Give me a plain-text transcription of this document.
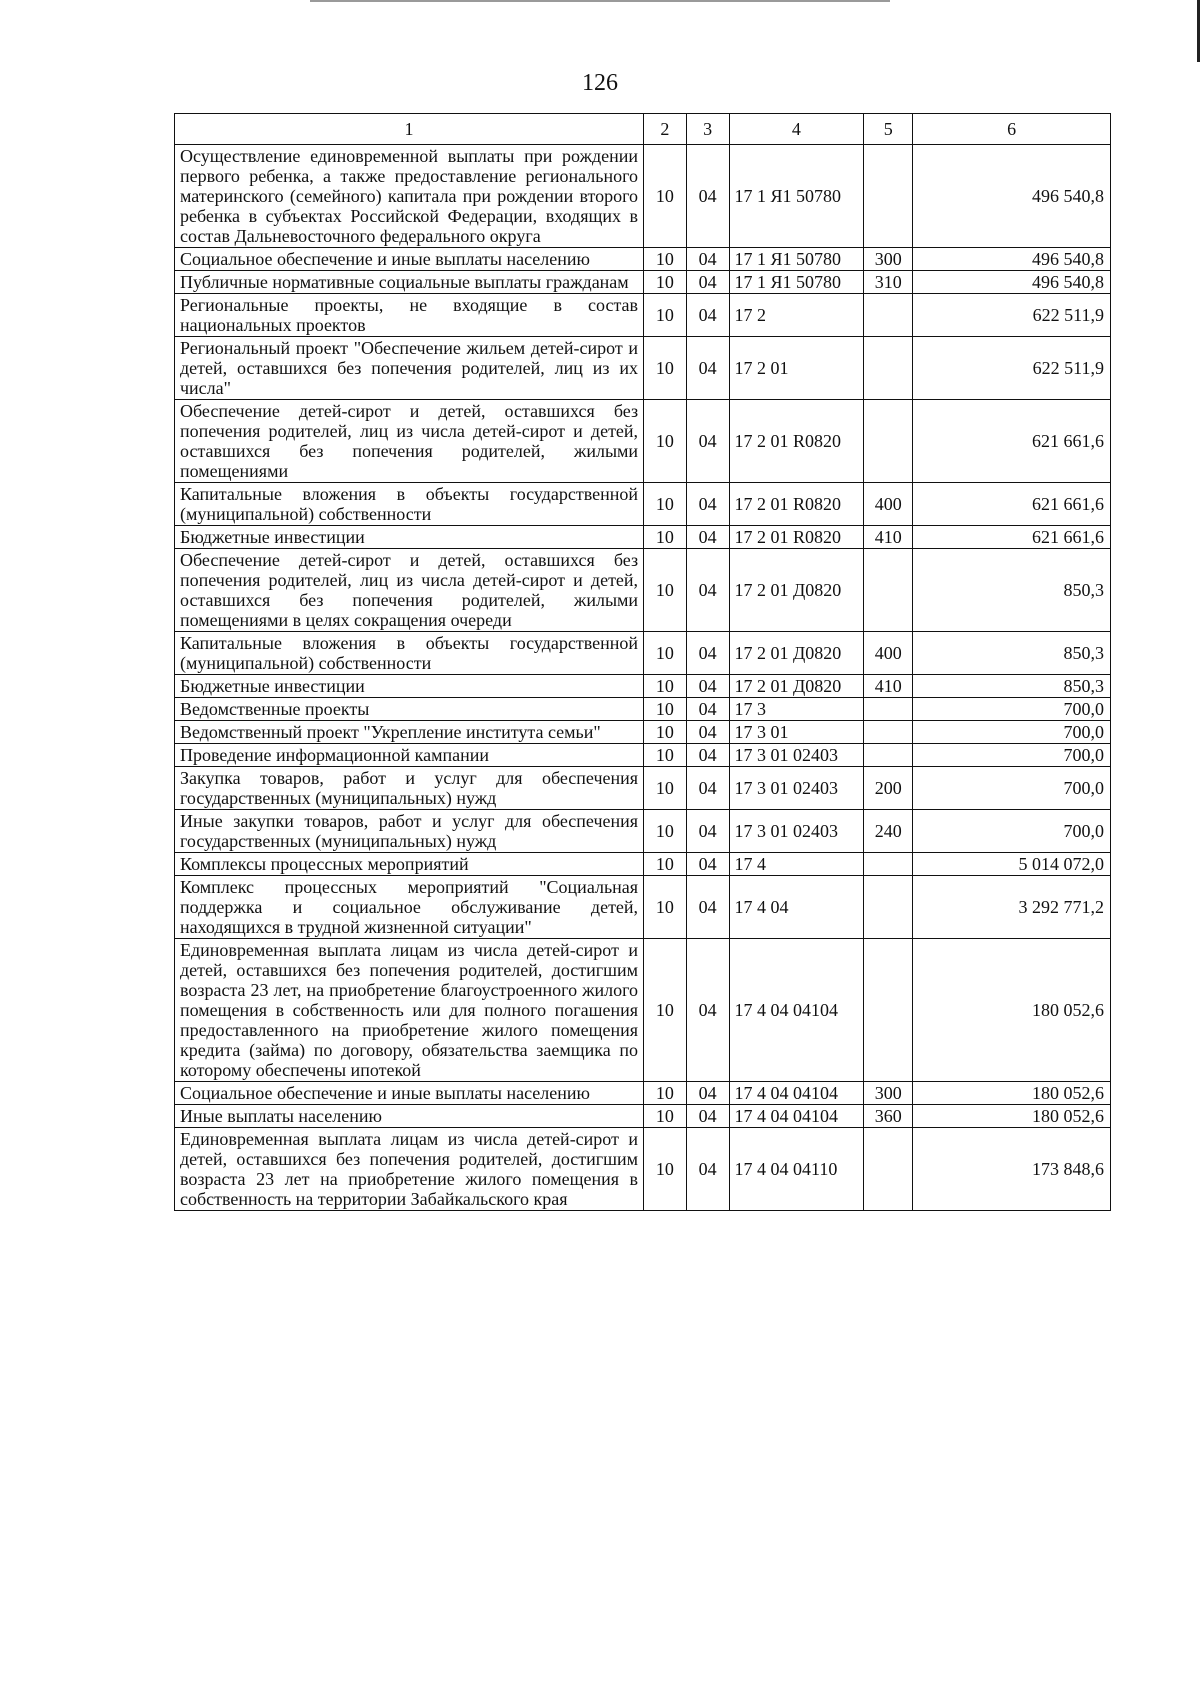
126
1	2	3	4	5	6
Осуществление единовременной выплаты при рождении первого ребенка, а также предоставление регионального материнского (семейного) капитала при рождении второго ребенка в субъектах Российской Федерации, входящих в состав Дальневосточного федерального округа	10	04	17 1 Я1 50780		496 540,8
Социальное обеспечение и иные выплаты населению	10	04	17 1 Я1 50780	300	496 540,8
Публичные нормативные социальные выплаты гражданам	10	04	17 1 Я1 50780	310	496 540,8
Региональные проекты, не входящие в состав национальных проектов	10	04	17 2		622 511,9
Региональный проект "Обеспечение жильем детей-сирот и детей, оставшихся без попечения родителей, лиц из их числа"	10	04	17 2 01		622 511,9
Обеспечение детей-сирот и детей, оставшихся без попечения родителей, лиц из числа детей-сирот и детей, оставшихся без попечения родителей, жилыми помещениями	10	04	17 2 01 R0820		621 661,6
Капитальные вложения в объекты государственной (муниципальной) собственности	10	04	17 2 01 R0820	400	621 661,6
Бюджетные инвестиции	10	04	17 2 01 R0820	410	621 661,6
Обеспечение детей-сирот и детей, оставшихся без попечения родителей, лиц из числа детей-сирот и детей, оставшихся без попечения родителей, жилыми помещениями в целях сокращения очереди	10	04	17 2 01 Д0820		850,3
Капитальные вложения в объекты государственной (муниципальной) собственности	10	04	17 2 01 Д0820	400	850,3
Бюджетные инвестиции	10	04	17 2 01 Д0820	410	850,3
Ведомственные проекты	10	04	17 3		700,0
Ведомственный проект "Укрепление института семьи"	10	04	17 3 01		700,0
Проведение информационной кампании	10	04	17 3 01 02403		700,0
Закупка товаров, работ и услуг для обеспечения государственных (муниципальных) нужд	10	04	17 3 01 02403	200	700,0
Иные закупки товаров, работ и услуг для обеспечения государственных (муниципальных) нужд	10	04	17 3 01 02403	240	700,0
Комплексы процессных мероприятий	10	04	17 4		5 014 072,0
Комплекс процессных мероприятий "Социальная поддержка и социальное обслуживание детей, находящихся в трудной жизненной ситуации"	10	04	17 4 04		3 292 771,2
Единовременная выплата лицам из числа детей-сирот и детей, оставшихся без попечения родителей, достигшим возраста 23 лет, на приобретение благоустроенного жилого помещения в собственность или для полного погашения предоставленного на приобретение жилого помещения кредита (займа) по договору, обязательства заемщика по которому обеспечены ипотекой	10	04	17 4 04 04104		180 052,6
Социальное обеспечение и иные выплаты населению	10	04	17 4 04 04104	300	180 052,6
Иные выплаты населению	10	04	17 4 04 04104	360	180 052,6
Единовременная выплата лицам из числа детей-сирот и детей, оставшихся без попечения родителей, достигшим возраста 23 лет на приобретение жилого помещения в собственность на территории Забайкальского края	10	04	17 4 04 04110		173 848,6
